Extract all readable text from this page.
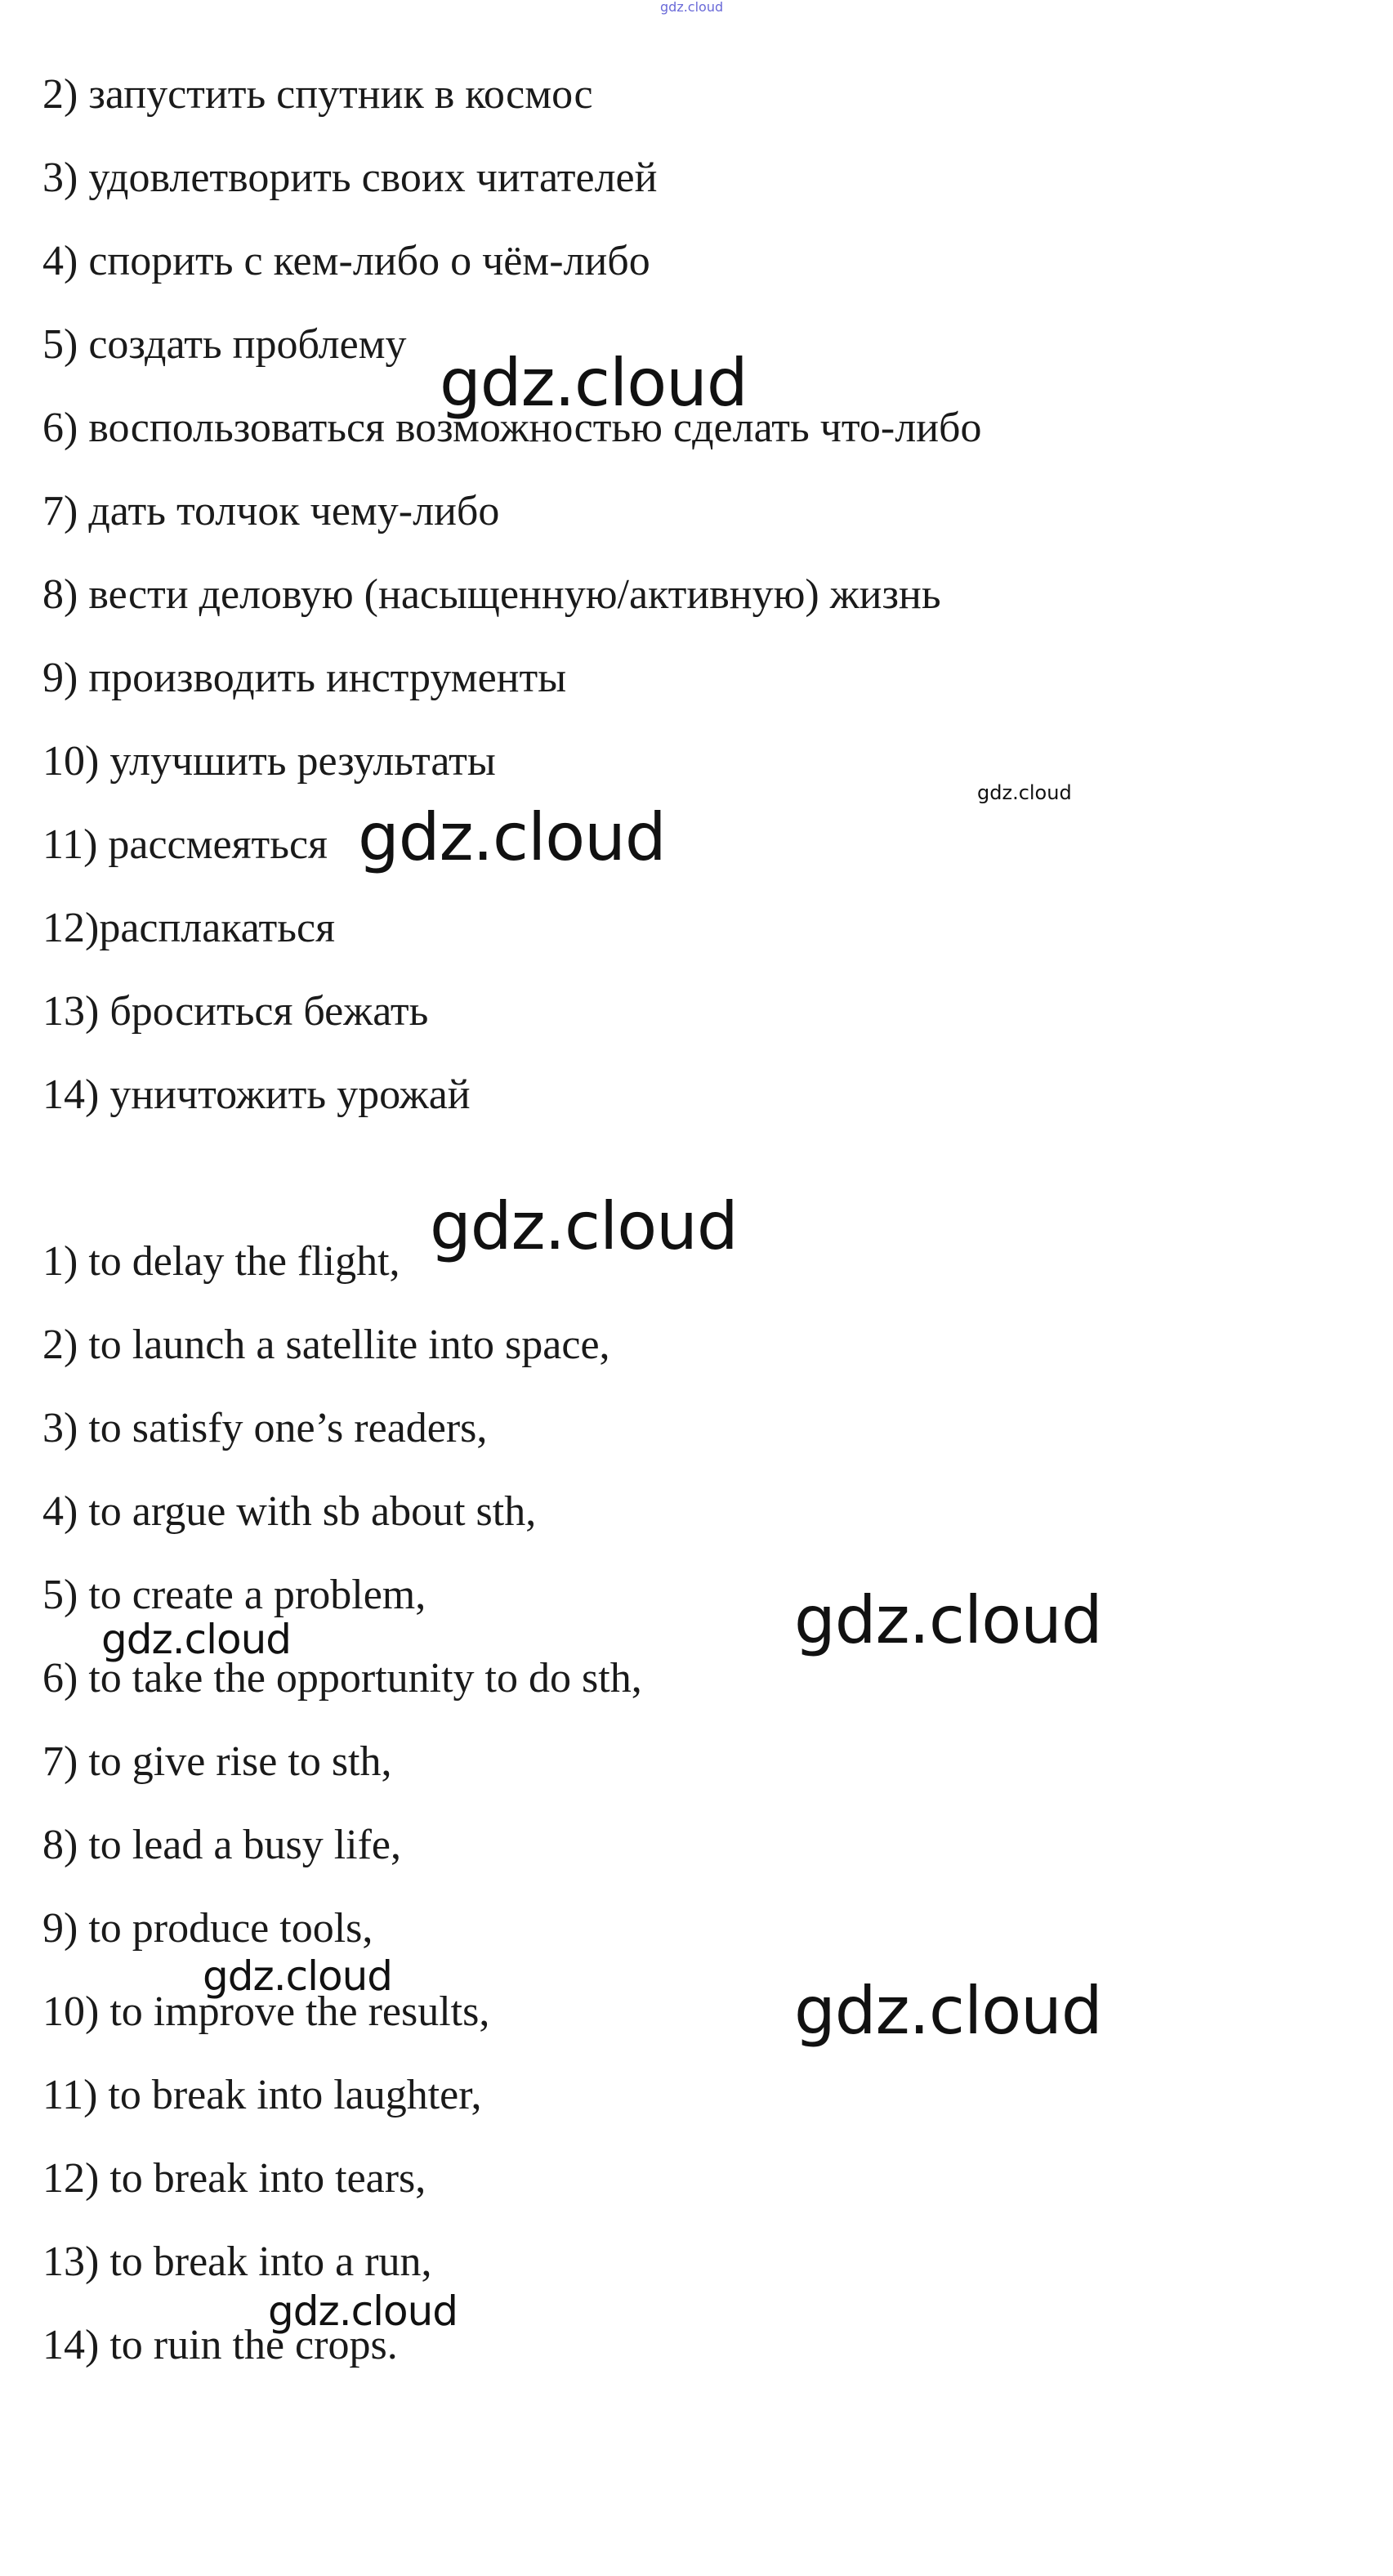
gdz.cloud
2) запустить спутник в космос
3) удовлетворить своих читателей
4) спорить с кем-либо о чём-либо
5) создать проблему
6) воспользоваться возможностью сделать что-либо
7) дать толчок чему-либо
8) вести деловую (насыщенную/активную) жизнь
9) производить инструменты
10) улучшить результаты
11) рассмеяться
12)расплакаться
13) броситься бежать
14) уничтожить урожай
1) to delay the flight,
2) to launch a satellite into space,
3) to satisfy one’s readers,
4) to argue with sb about sth,
5) to create a problem,
6) to take the opportunity to do sth,
7) to give rise to sth,
8) to lead a busy life,
9) to produce tools,
10) to improve the results,
11) to break into laughter,
12) to break into tears,
13) to break into a run,
14) to ruin the crops.
gdz.cloud
gdz.cloud
gdz.cloud
gdz.cloud
gdz.cloud
gdz.cloud
gdz.cloud	gdz.cloud
gdz.cloud
